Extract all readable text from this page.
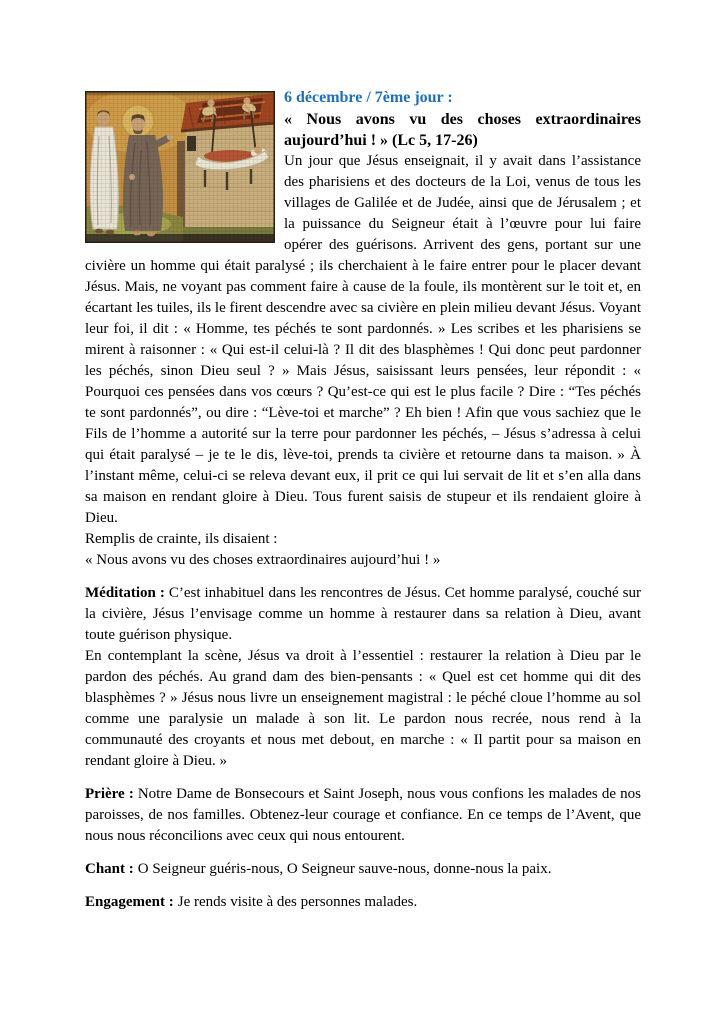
6 décembre / 7ème jour :

« Nous avons vu des choses extraordinaires aujourd’hui ! » (Lc 5, 17-26)

Un jour que Jésus enseignait, il y avait dans l’assistance des pharisiens et des docteurs de la Loi, venus de tous les villages de Galilée et de Judée, ainsi que de Jérusalem ; et la puissance du Seigneur était à l’œuvre pour lui faire opérer des guérisons. Arrivent des gens, portant sur une civière un homme qui était paralysé ; ils cherchaient à le faire entrer pour le placer devant Jésus. Mais, ne voyant pas comment faire à cause de la foule, ils montèrent sur le toit et, en écartant les tuiles, ils le firent descendre avec sa civière en plein milieu devant Jésus. Voyant leur foi, il dit : « Homme, tes péchés te sont pardonnés. » Les scribes et les pharisiens se mirent à raisonner : « Qui est-il celui-là ? Il dit des blasphèmes ! Qui donc peut pardonner les péchés, sinon Dieu seul ? » Mais Jésus, saisissant leurs pensées, leur répondit : « Pourquoi ces pensées dans vos cœurs ? Qu’est-ce qui est le plus facile ? Dire : “Tes péchés te sont pardonnés”, ou dire : “Lève-toi et marche” ? Eh bien ! Afin que vous sachiez que le Fils de l’homme a autorité sur la terre pour pardonner les péchés, – Jésus s’adressa à celui qui était paralysé – je te le dis, lève-toi, prends ta civière et retourne dans ta maison. » À l’instant même, celui-ci se releva devant eux, il prit ce qui lui servait de lit et s’en alla dans sa maison en rendant gloire à Dieu. Tous furent saisis de stupeur et ils rendaient gloire à Dieu.

Remplis de crainte, ils disaient :

« Nous avons vu des choses extraordinaires aujourd’hui ! »

Méditation : C’est inhabituel dans les rencontres de Jésus. Cet homme paralysé, couché sur la civière, Jésus l’envisage comme un homme à restaurer dans sa relation à Dieu, avant toute guérison physique.

En contemplant la scène, Jésus va droit à l’essentiel : restaurer la relation à Dieu par le pardon des péchés. Au grand dam des bien-pensants : « Quel est cet homme qui dit des blasphèmes ? » Jésus nous livre un enseignement magistral : le péché cloue l’homme au sol comme une paralysie un malade à son lit. Le pardon nous recrée, nous rend à la communauté des croyants et nous met debout, en marche : « Il partit pour sa maison en rendant gloire à Dieu. »

Prière : Notre Dame de Bonsecours et Saint Joseph, nous vous confions les malades de nos paroisses, de nos familles. Obtenez-leur courage et confiance. En ce temps de l’Avent, que nous nous réconcilions avec ceux qui nous entourent.

Chant : O Seigneur guéris-nous, O Seigneur sauve-nous, donne-nous la paix.

Engagement : Je rends visite à des personnes malades.
